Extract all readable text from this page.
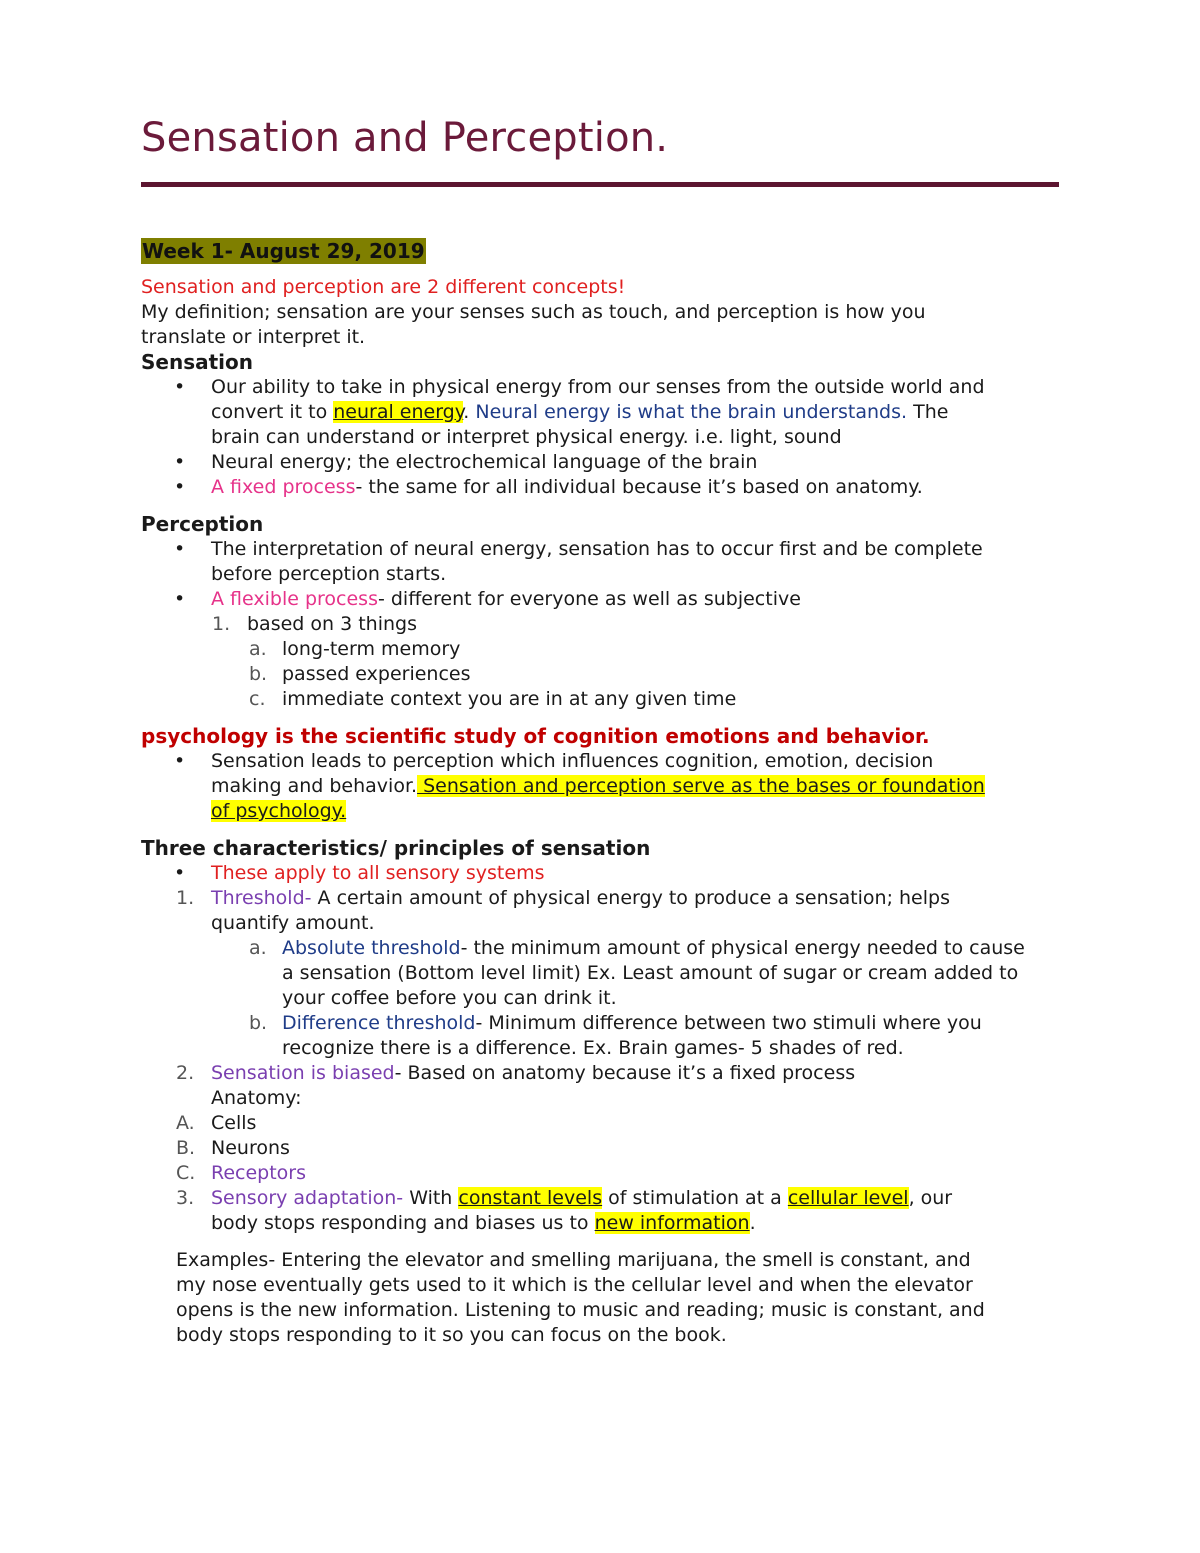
Sensation and Perception.
Week 1- August 29, 2019

Sensation and perception are 2 different concepts!

My definition; sensation are your senses such as touch, and perception is how you

translate or interpret it.

Sensation

• Our ability to take in physical energy from our senses from the outside world and
convert it to neural energy. Neural energy is what the brain understands. The
brain can understand or interpret physical energy. i.e. light, sound
• Neural energy; the electrochemical language of the brain
• A fixed process- the same for all individual because it’s based on anatomy.

Perception

• The interpretation of neural energy, sensation has to occur first and be complete
before perception starts.
• A flexible process- different for everyone as well as subjective
1. based on 3 things
a. long-term memory
b. passed experiences
c. immediate context you are in at any given time

psychology is the scientific study of cognition emotions and behavior.

• Sensation leads to perception which influences cognition, emotion, decision
making and behavior. Sensation and perception serve as the bases or foundation
of psychology.

Three characteristics/ principles of sensation

• These apply to all sensory systems
1. Threshold- A certain amount of physical energy to produce a sensation; helps
quantify amount.
a. Absolute threshold- the minimum amount of physical energy needed to cause
a sensation (Bottom level limit) Ex. Least amount of sugar or cream added to
your coffee before you can drink it.
b. Difference threshold- Minimum difference between two stimuli where you
recognize there is a difference. Ex. Brain games- 5 shades of red.
2. Sensation is biased- Based on anatomy because it’s a fixed process
Anatomy:
A. Cells
B. Neurons
C. Receptors
3. Sensory adaptation- With constant levels of stimulation at a cellular level, our
body stops responding and biases us to new information.
Examples- Entering the elevator and smelling marijuana, the smell is constant, and
my nose eventually gets used to it which is the cellular level and when the elevator
opens is the new information. Listening to music and reading; music is constant, and
body stops responding to it so you can focus on the book.
